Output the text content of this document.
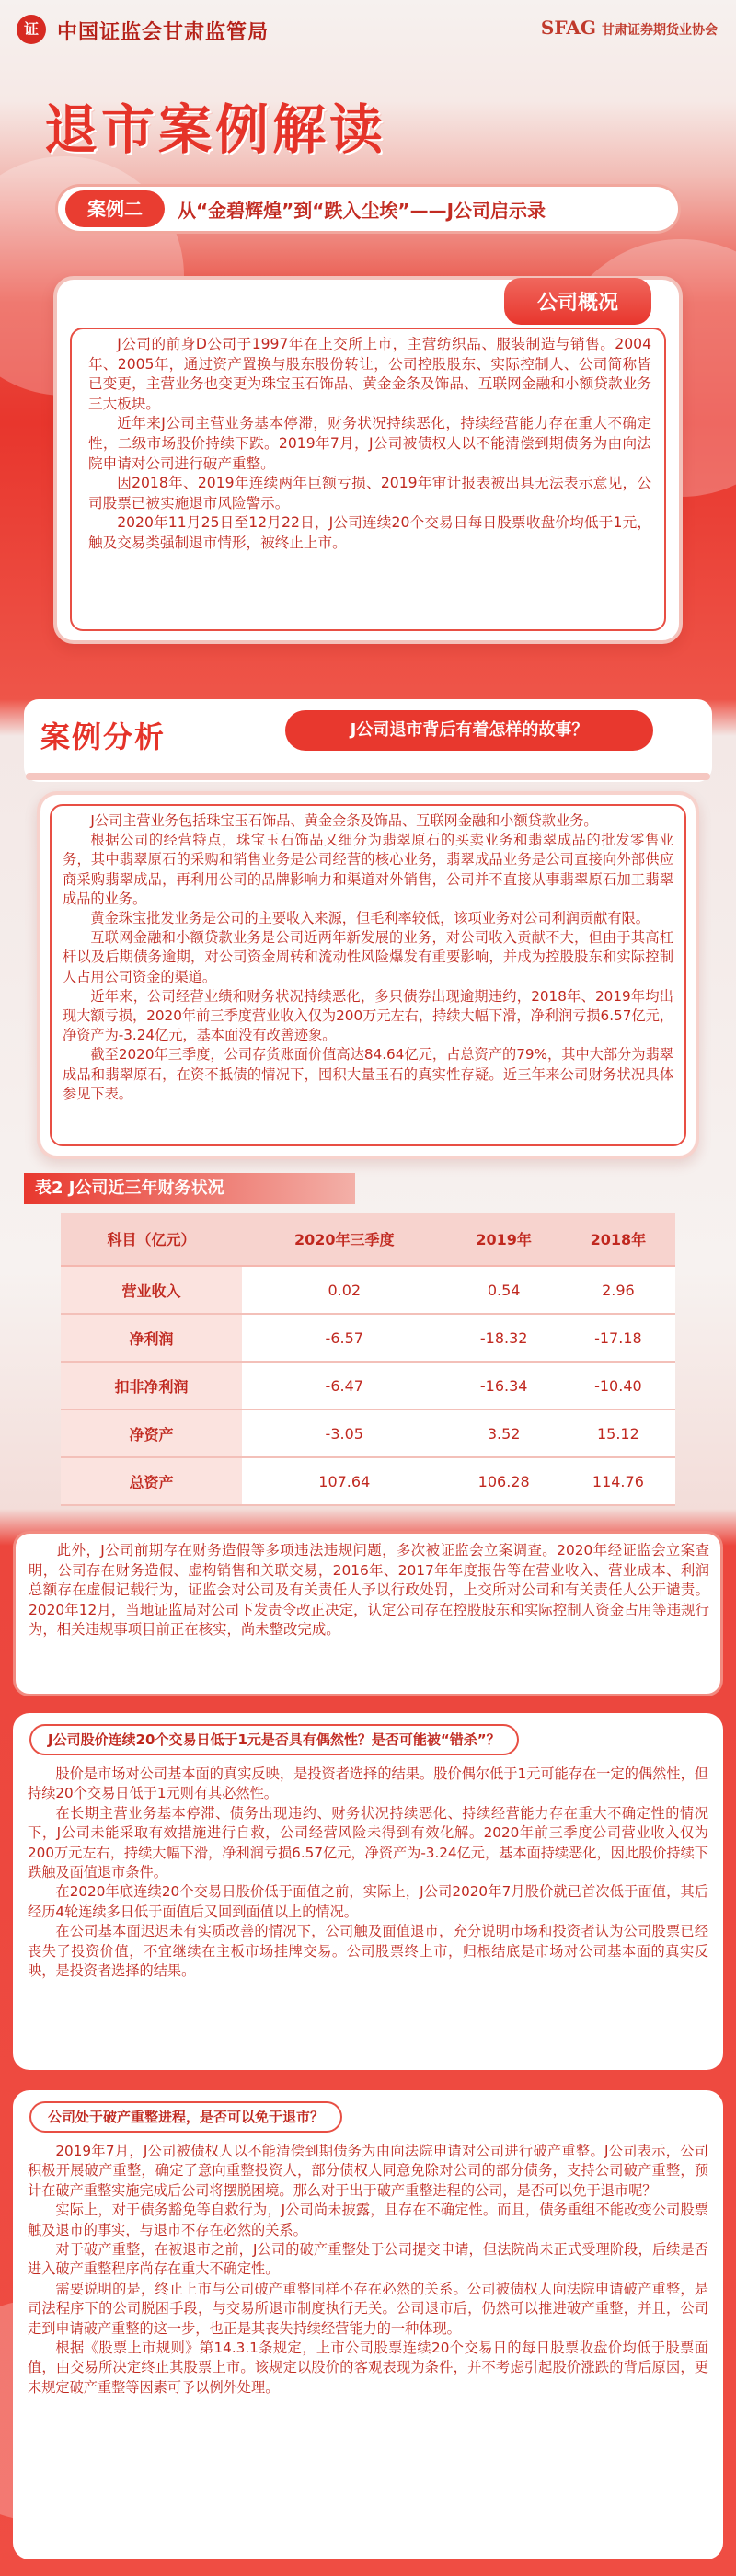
证 中国证监会甘肃监管局	SFAG 甘肃证券期货业协会
退市案例解读
案例二	从“金碧辉煌”到“跌入尘埃”——J公司启示录
公司概况

J公司的前身D公司于1997年在上交所上市，主营纺织品、服装制造与销售。2004年、2005年，通过资产置换与股东股份转让，公司控股股东、实际控制人、公司简称皆已变更，主营业务也变更为珠宝玉石饰品、黄金金条及饰品、互联网金融和小额贷款业务三大板块。

近年来J公司主营业务基本停滞，财务状况持续恶化，持续经营能力存在重大不确定性，二级市场股价持续下跌。2019年7月，J公司被债权人以不能清偿到期债务为由向法院申请对公司进行破产重整。

因2018年、2019年连续两年巨额亏损、2019年审计报表被出具无法表示意见，公司股票已被实施退市风险警示。

2020年11月25日至12月22日，J公司连续20个交易日每日股票收盘价均低于1元，触及交易类强制退市情形，被终止上市。

案例分析	J公司退市背后有着怎样的故事？

J公司主营业务包括珠宝玉石饰品、黄金金条及饰品、互联网金融和小额贷款业务。

根据公司的经营特点，珠宝玉石饰品又细分为翡翠原石的买卖业务和翡翠成品的批发零售业务，其中翡翠原石的采购和销售业务是公司经营的核心业务，翡翠成品业务是公司直接向外部供应商采购翡翠成品，再利用公司的品牌影响力和渠道对外销售，公司并不直接从事翡翠原石加工翡翠成品的业务。

黄金珠宝批发业务是公司的主要收入来源，但毛利率较低，该项业务对公司利润贡献有限。

互联网金融和小额贷款业务是公司近两年新发展的业务，对公司收入贡献不大，但由于其高杠杆以及后期债务逾期，对公司资金周转和流动性风险爆发有重要影响，并成为控股股东和实际控制人占用公司资金的渠道。

近年来，公司经营业绩和财务状况持续恶化，多只债券出现逾期违约，2018年、2019年均出现大额亏损，2020年前三季度营业收入仅为200万元左右，持续大幅下滑，净利润亏损6.57亿元，净资产为-3.24亿元，基本面没有改善迹象。

截至2020年三季度，公司存货账面价值高达84.64亿元，占总资产的79%，其中大部分为翡翠成品和翡翠原石，在资不抵债的情况下，囤积大量玉石的真实性存疑。近三年来公司财务状况具体参见下表。

表2 J公司近三年财务状况
科目（亿元）	2020年三季度	2019年	2018年
营业收入	0.02	0.54	2.96
净利润	-6.57	-18.32	-17.18
扣非净利润	-6.47	-16.34	-10.40
净资产	-3.05	3.52	15.12
总资产	107.64	106.28	114.76

此外，J公司前期存在财务造假等多项违法违规问题，多次被证监会立案调查。2020年经证监会立案查明，公司存在财务造假、虚构销售和关联交易，2016年、2017年年度报告等在营业收入、营业成本、利润总额存在虚假记载行为，证监会对公司及有关责任人予以行政处罚，上交所对公司和有关责任人公开谴责。2020年12月，当地证监局对公司下发责令改正决定，认定公司存在控股股东和实际控制人资金占用等违规行为，相关违规事项目前正在核实，尚未整改完成。

J公司股价连续20个交易日低于1元是否具有偶然性？是否可能被“错杀”？

股价是市场对公司基本面的真实反映，是投资者选择的结果。股价偶尔低于1元可能存在一定的偶然性，但持续20个交易日低于1元则有其必然性。

在长期主营业务基本停滞、债务出现违约、财务状况持续恶化、持续经营能力存在重大不确定性的情况下，J公司未能采取有效措施进行自救，公司经营风险未得到有效化解。2020年前三季度公司营业收入仅为200万元左右，持续大幅下滑，净利润亏损6.57亿元，净资产为-3.24亿元，基本面持续恶化，因此股价持续下跌触及面值退市条件。

在2020年底连续20个交易日股价低于面值之前，实际上，J公司2020年7月股价就已首次低于面值，其后经历4轮连续多日低于面值后又回到面值以上的情况。

在公司基本面迟迟未有实质改善的情况下，公司触及面值退市，充分说明市场和投资者认为公司股票已经丧失了投资价值，不宜继续在主板市场挂牌交易。公司股票终上市，归根结底是市场对公司基本面的真实反映，是投资者选择的结果。

公司处于破产重整进程，是否可以免于退市？

2019年7月，J公司被债权人以不能清偿到期债务为由向法院申请对公司进行破产重整。J公司表示，公司积极开展破产重整，确定了意向重整投资人，部分债权人同意免除对公司的部分债务，支持公司破产重整，预计在破产重整实施完成后公司将摆脱困境。那么对于出于破产重整进程的公司，是否可以免于退市呢？

实际上，对于债务豁免等自救行为，J公司尚未披露，且存在不确定性。而且，债务重组不能改变公司股票触及退市的事实，与退市不存在必然的关系。

对于破产重整，在被退市之前，J公司的破产重整处于公司提交申请，但法院尚未正式受理阶段，后续是否进入破产重整程序尚存在重大不确定性。

需要说明的是，终止上市与公司破产重整同样不存在必然的关系。公司被债权人向法院申请破产重整，是司法程序下的公司脱困手段，与交易所退市制度执行无关。公司退市后，仍然可以推进破产重整，并且，公司走到申请破产重整的这一步，也正是其丧失持续经营能力的一种体现。

根据《股票上市规则》第14.3.1条规定，上市公司股票连续20个交易日的每日股票收盘价均低于股票面值，由交易所决定终止其股票上市。该规定以股价的客观表现为条件，并不考虑引起股价涨跌的背后原因，更未规定破产重整等因素可予以例外处理。
